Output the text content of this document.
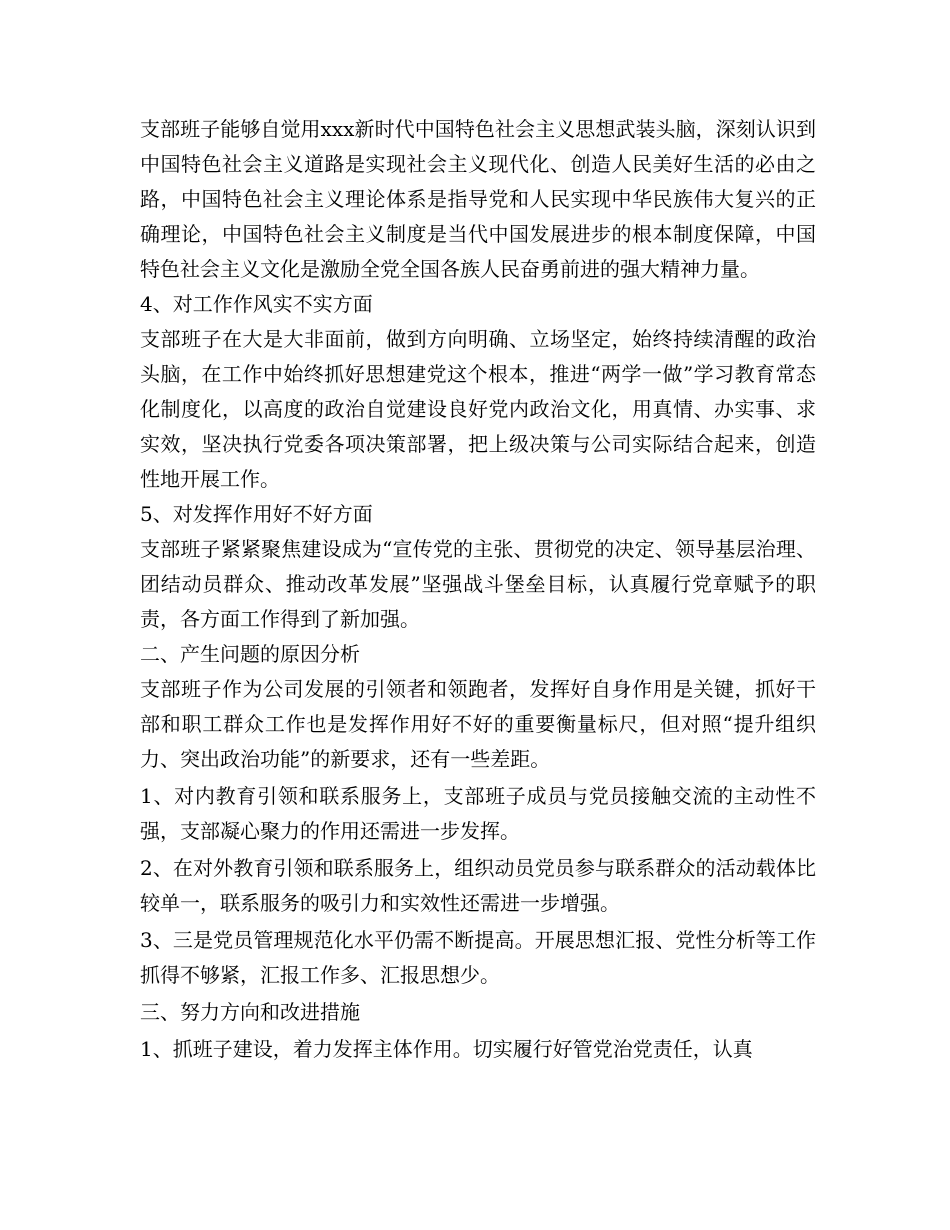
支部班子能够自觉用xxx新时代中国特色社会主义思想武装头脑，深刻认识到中国特色社会主义道路是实现社会主义现代化、创造人民美好生活的必由之路，中国特色社会主义理论体系是指导党和人民实现中华民族伟大复兴的正确理论，中国特色社会主义制度是当代中国发展进步的根本制度保障，中国特色社会主义文化是激励全党全国各族人民奋勇前进的强大精神力量。

4、对工作作风实不实方面

支部班子在大是大非面前，做到方向明确、立场坚定，始终持续清醒的政治头脑，在工作中始终抓好思想建党这个根本，推进“两学一做”学习教育常态化制度化，以高度的政治自觉建设良好党内政治文化，用真情、办实事、求实效，坚决执行党委各项决策部署，把上级决策与公司实际结合起来，创造性地开展工作。

5、对发挥作用好不好方面

支部班子紧紧聚焦建设成为“宣传党的主张、贯彻党的决定、领导基层治理、团结动员群众、推动改革发展”坚强战斗堡垒目标，认真履行党章赋予的职责，各方面工作得到了新加强。

二、产生问题的原因分析

支部班子作为公司发展的引领者和领跑者，发挥好自身作用是关键，抓好干部和职工群众工作也是发挥作用好不好的重要衡量标尺，但对照“提升组织力、突出政治功能”的新要求，还有一些差距。

1、对内教育引领和联系服务上，支部班子成员与党员接触交流的主动性不强，支部凝心聚力的作用还需进一步发挥。

2、在对外教育引领和联系服务上，组织动员党员参与联系群众的活动载体比较单一，联系服务的吸引力和实效性还需进一步增强。

3、三是党员管理规范化水平仍需不断提高。开展思想汇报、党性分析等工作抓得不够紧，汇报工作多、汇报思想少。

三、努力方向和改进措施

1、抓班子建设，着力发挥主体作用。切实履行好管党治党责任，认真
